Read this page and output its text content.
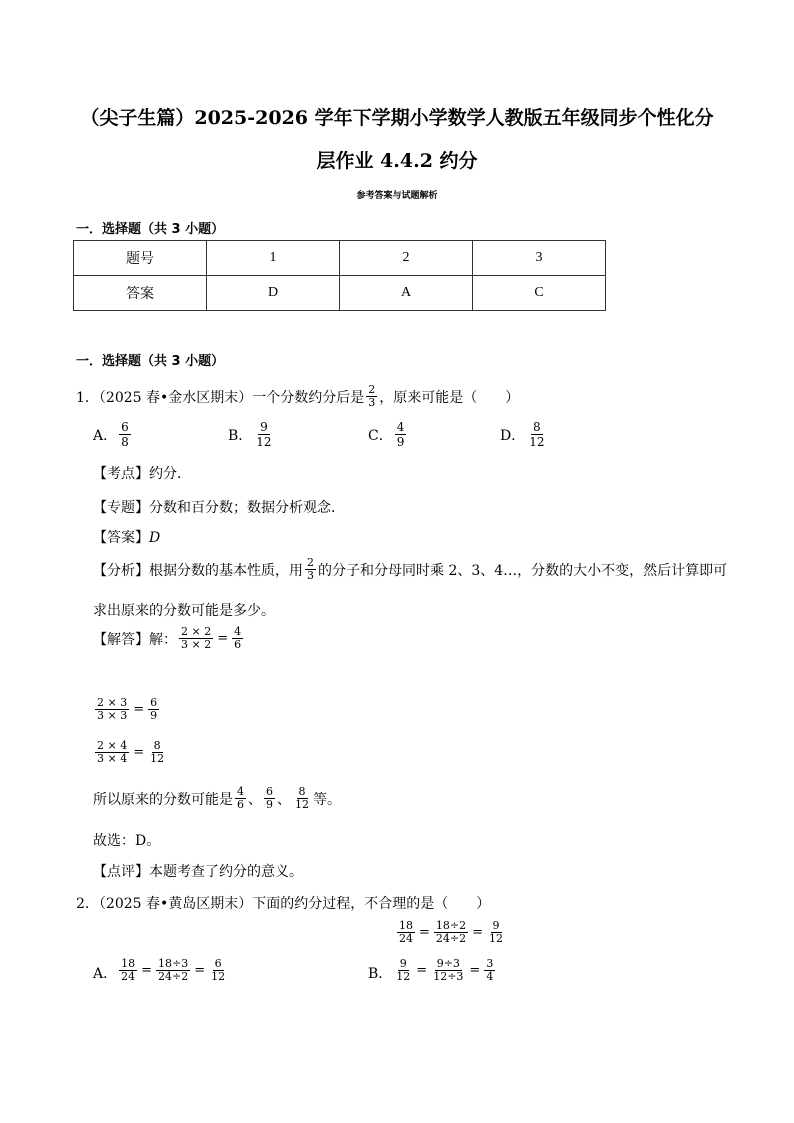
（尖子生篇）2025-2026 学年下学期小学数学人教版五年级同步个性化分
层作业 4.4.2 约分
参考答案与试题解析
一．选择题（共 3 小题）
题号	1	2	3
答案	D	A	C
一．选择题（共 3 小题）
1．（2025 春•金水区期末）一个分数约分后是 $\frac{2}{3}$ ，原来可能是（　　）
A． $\frac{6}{8}$	B． $\frac{9}{12}$	C． $\frac{4}{9}$	D． $\frac{8}{12}$
【考点】约分．
【专题】分数和百分数；数据分析观念．
【答案】D
【分析】 根据分数的基本性质，用 $\frac{2}{3}$ 的分子和分母同时乘 2、3、4…，分数的大小不变，然后计算即可
求出原来的分数可能是多少。
【解答】 解： $\frac{2 \times 2}{3 \times 2} = \frac{4}{6}$
$\frac{2 \times 3}{3 \times 3} = \frac{6}{9}$
$\frac{2 \times 4}{3 \times 4} = \frac{8}{12}$
所以原来的分数可能是 $\frac{4}{6}$ 、 $\frac{6}{9}$ 、 $\frac{8}{12}$ 等。
故选：D。
【点评】本题考查了约分的意义。
2．（2025 春•黄岛区期末）下面的约分过程，不合理的是（　　）
$\frac{18}{24} = \frac{18\div 2}{24\div 2} = \frac{9}{12}$
A． $\frac{18}{24} = \frac{18\div 3}{24\div 2} = \frac{6}{12}$	B． $\frac{9}{12} = \frac{9\div 3}{12\div 3} = \frac{3}{4}$
